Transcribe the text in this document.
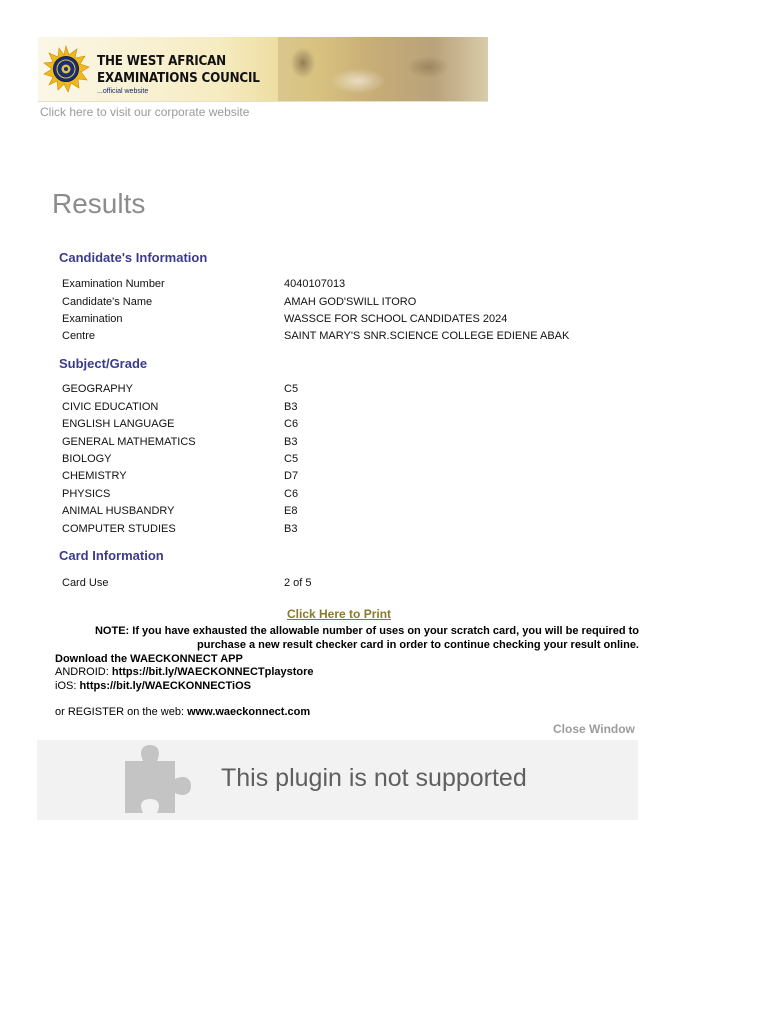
THE WEST AFRICAN
EXAMINATIONS COUNCIL
...official website
Click here to visit our corporate website
Results
Candidate's Information
Examination Number	4040107013
Candidate's Name	AMAH GOD'SWILL ITORO
Examination	WASSCE FOR SCHOOL CANDIDATES 2024
Centre	SAINT MARY'S SNR.SCIENCE COLLEGE EDIENE ABAK
Subject/Grade
GEOGRAPHY	C5
CIVIC EDUCATION	B3
ENGLISH LANGUAGE	C6
GENERAL MATHEMATICS	B3
BIOLOGY	C5
CHEMISTRY	D7
PHYSICS	C6
ANIMAL HUSBANDRY	E8
COMPUTER STUDIES	B3
Card Information
Card Use	2 of 5
Click Here to Print
NOTE: If you have exhausted the allowable number of uses on your scratch card, you will be required to purchase a new result checker card in order to continue checking your result online.
Download the WAECKONNECT APP
ANDROID: https://bit.ly/WAECKONNECTplaystore
iOS: https://bit.ly/WAECKONNECTiOS
or REGISTER on the web: www.waeckonnect.com
Close Window
This plugin is not supported
